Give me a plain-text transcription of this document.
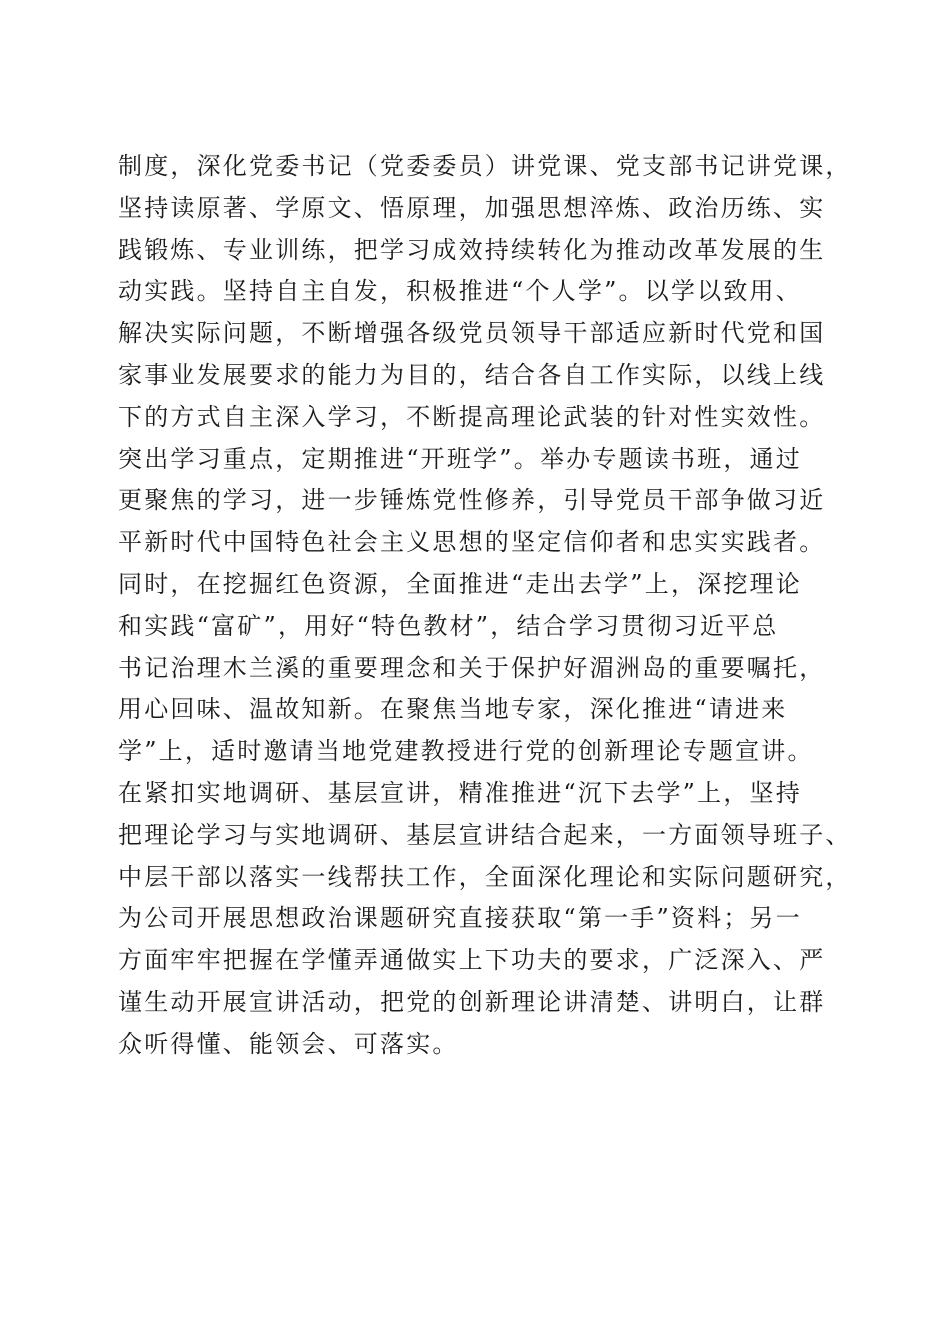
制度，深化党委书记（党委委员）讲党课、党支部书记讲党课，
坚持读原著、学原文、悟原理，加强思想淬炼、政治历练、实
践锻炼、专业训练，把学习成效持续转化为推动改革发展的生
动实践。坚持自主自发，积极推进“个人学”。以学以致用、
解决实际问题，不断增强各级党员领导干部适应新时代党和国
家事业发展要求的能力为目的，结合各自工作实际，以线上线
下的方式自主深入学习，不断提高理论武装的针对性实效性。
突出学习重点，定期推进“开班学”。举办专题读书班，通过
更聚焦的学习，进一步锤炼党性修养，引导党员干部争做习近
平新时代中国特色社会主义思想的坚定信仰者和忠实实践者。
同时，在挖掘红色资源，全面推进“走出去学”上，深挖理论
和实践“富矿”，用好“特色教材”，结合学习贯彻习近平总
书记治理木兰溪的重要理念和关于保护好湄洲岛的重要嘱托，
用心回味、温故知新。在聚焦当地专家，深化推进“请进来
学”上，适时邀请当地党建教授进行党的创新理论专题宣讲。
在紧扣实地调研、基层宣讲，精准推进“沉下去学”上，坚持
把理论学习与实地调研、基层宣讲结合起来，一方面领导班子、
中层干部以落实一线帮扶工作，全面深化理论和实际问题研究，
为公司开展思想政治课题研究直接获取“第一手”资料；另一
方面牢牢把握在学懂弄通做实上下功夫的要求，广泛深入、严
谨生动开展宣讲活动，把党的创新理论讲清楚、讲明白，让群
众听得懂、能领会、可落实。
